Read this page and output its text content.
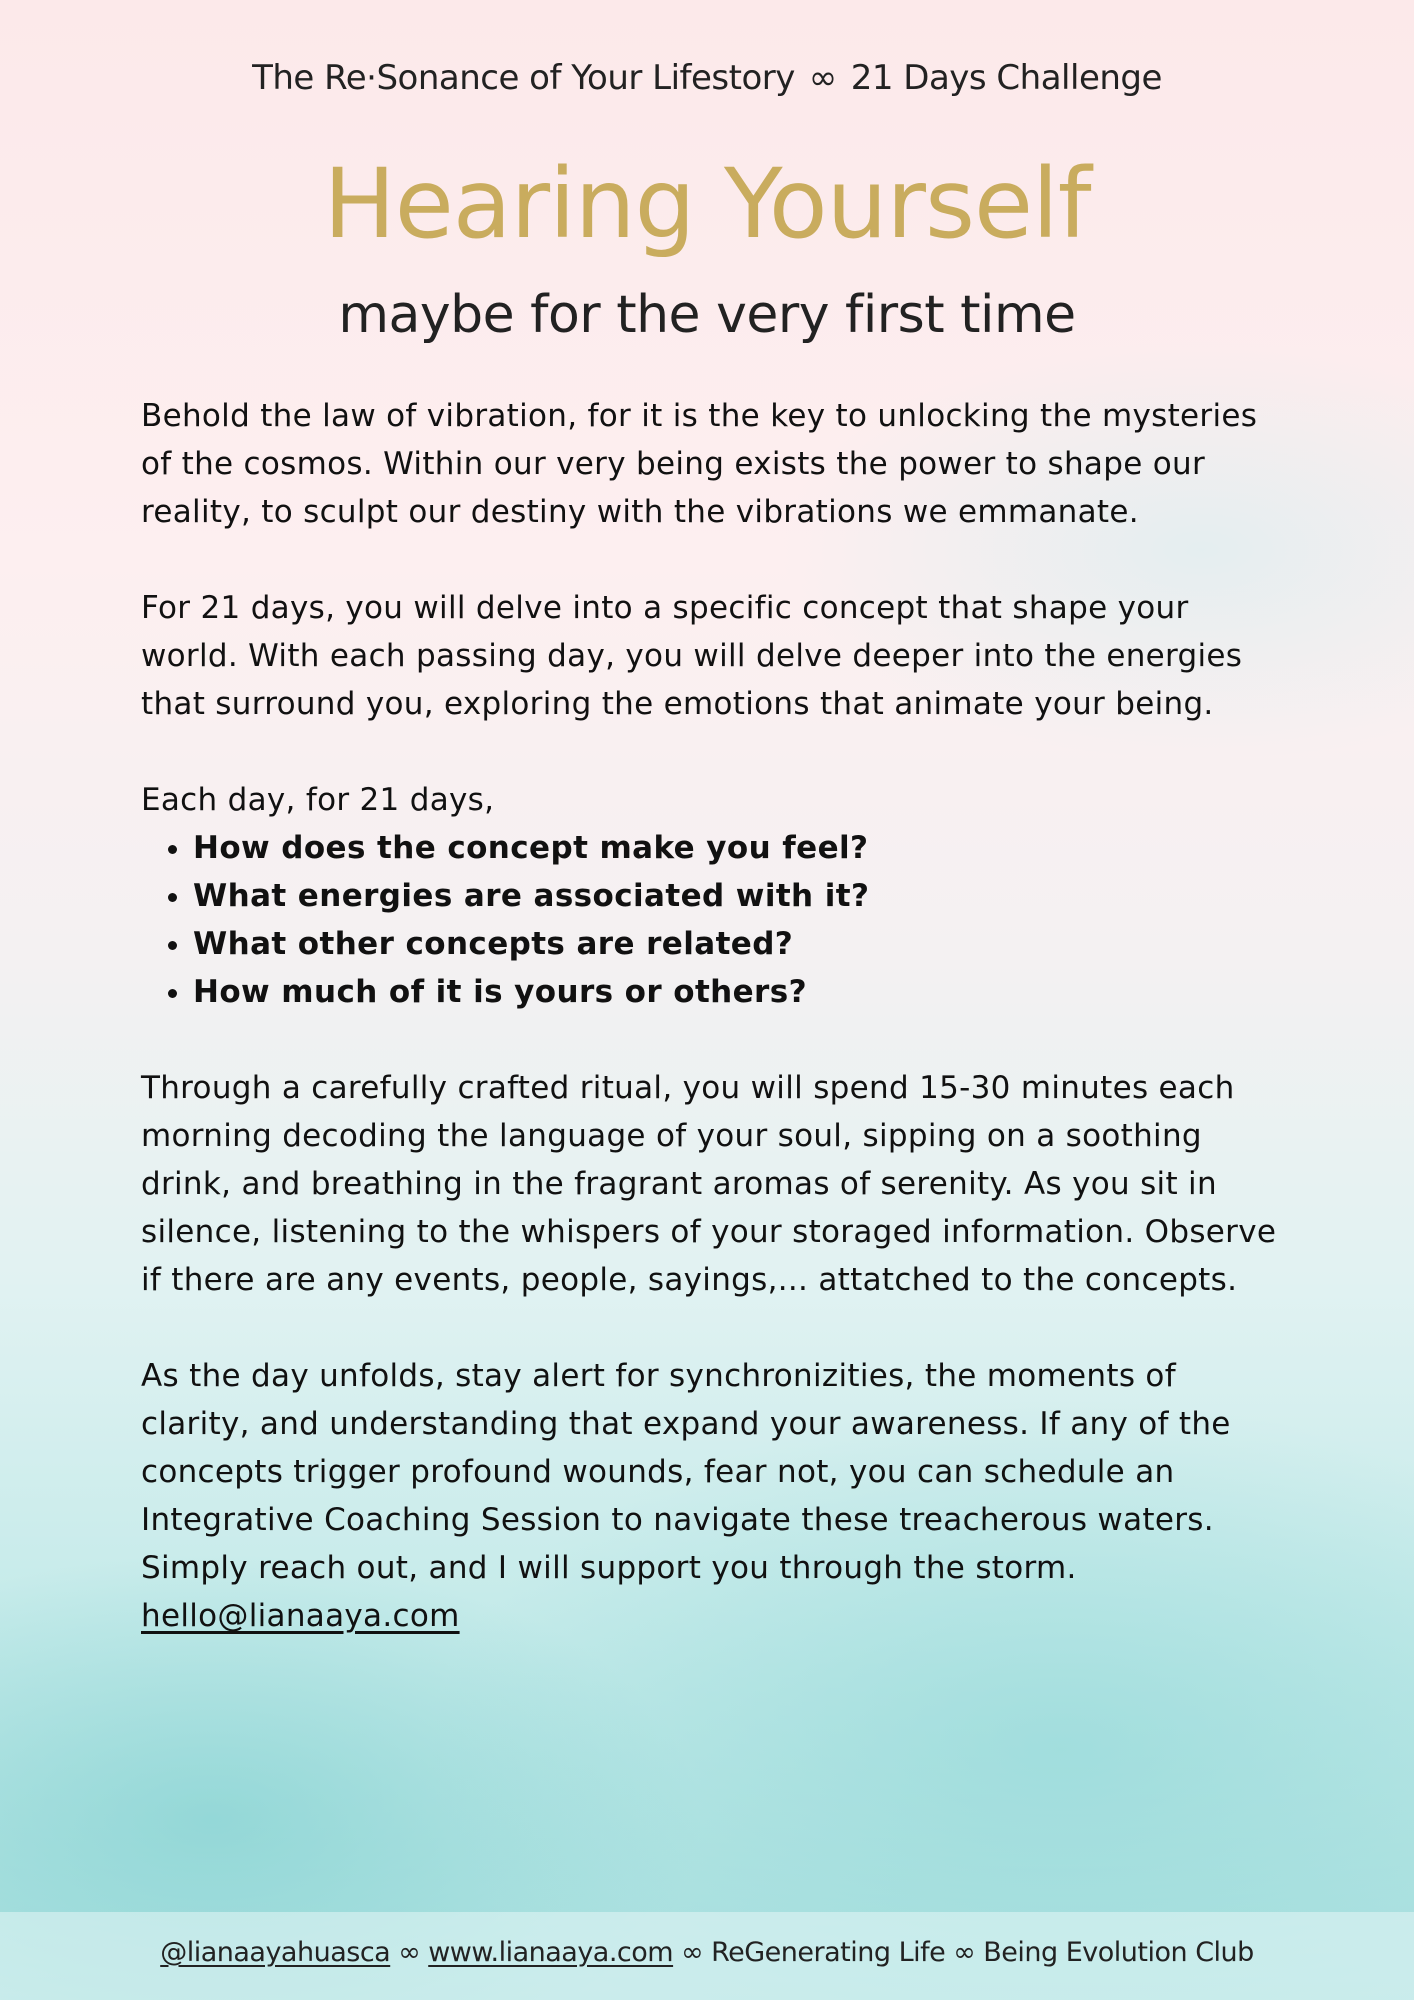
The Re·Sonance of Your Lifestory ∞ 21 Days Challenge
Hearing Yourself
maybe for the very first time

Behold the law of vibration, for it is the key to unlocking the mysteries of the cosmos. Within our very being exists the power to shape our reality, to sculpt our destiny with the vibrations we emmanate.

For 21 days, you will delve into a specific concept that shape your world. With each passing day, you will delve deeper into the energies that surround you, exploring the emotions that animate your being.

Each day, for 21 days,

• How does the concept make you feel?
• What energies are associated with it?
• What other concepts are related?
• How much of it is yours or others?

Through a carefully crafted ritual, you will spend 15-30 minutes each morning decoding the language of your soul, sipping on a soothing drink, and breathing in the fragrant aromas of serenity. As you sit in silence, listening to the whispers of your storaged information. Observe if there are any events, people, sayings,... attatched to the concepts.

As the day unfolds, stay alert for synchronizities, the moments of clarity, and understanding that expand your awareness. If any of the concepts trigger profound wounds, fear not, you can schedule an Integrative Coaching Session to navigate these treacherous waters. Simply reach out, and I will support you through the storm. hello@lianaaya.com

@lianaayahuasca ∞ www.lianaaya.com ∞ ReGenerating Life ∞ Being Evolution Club
